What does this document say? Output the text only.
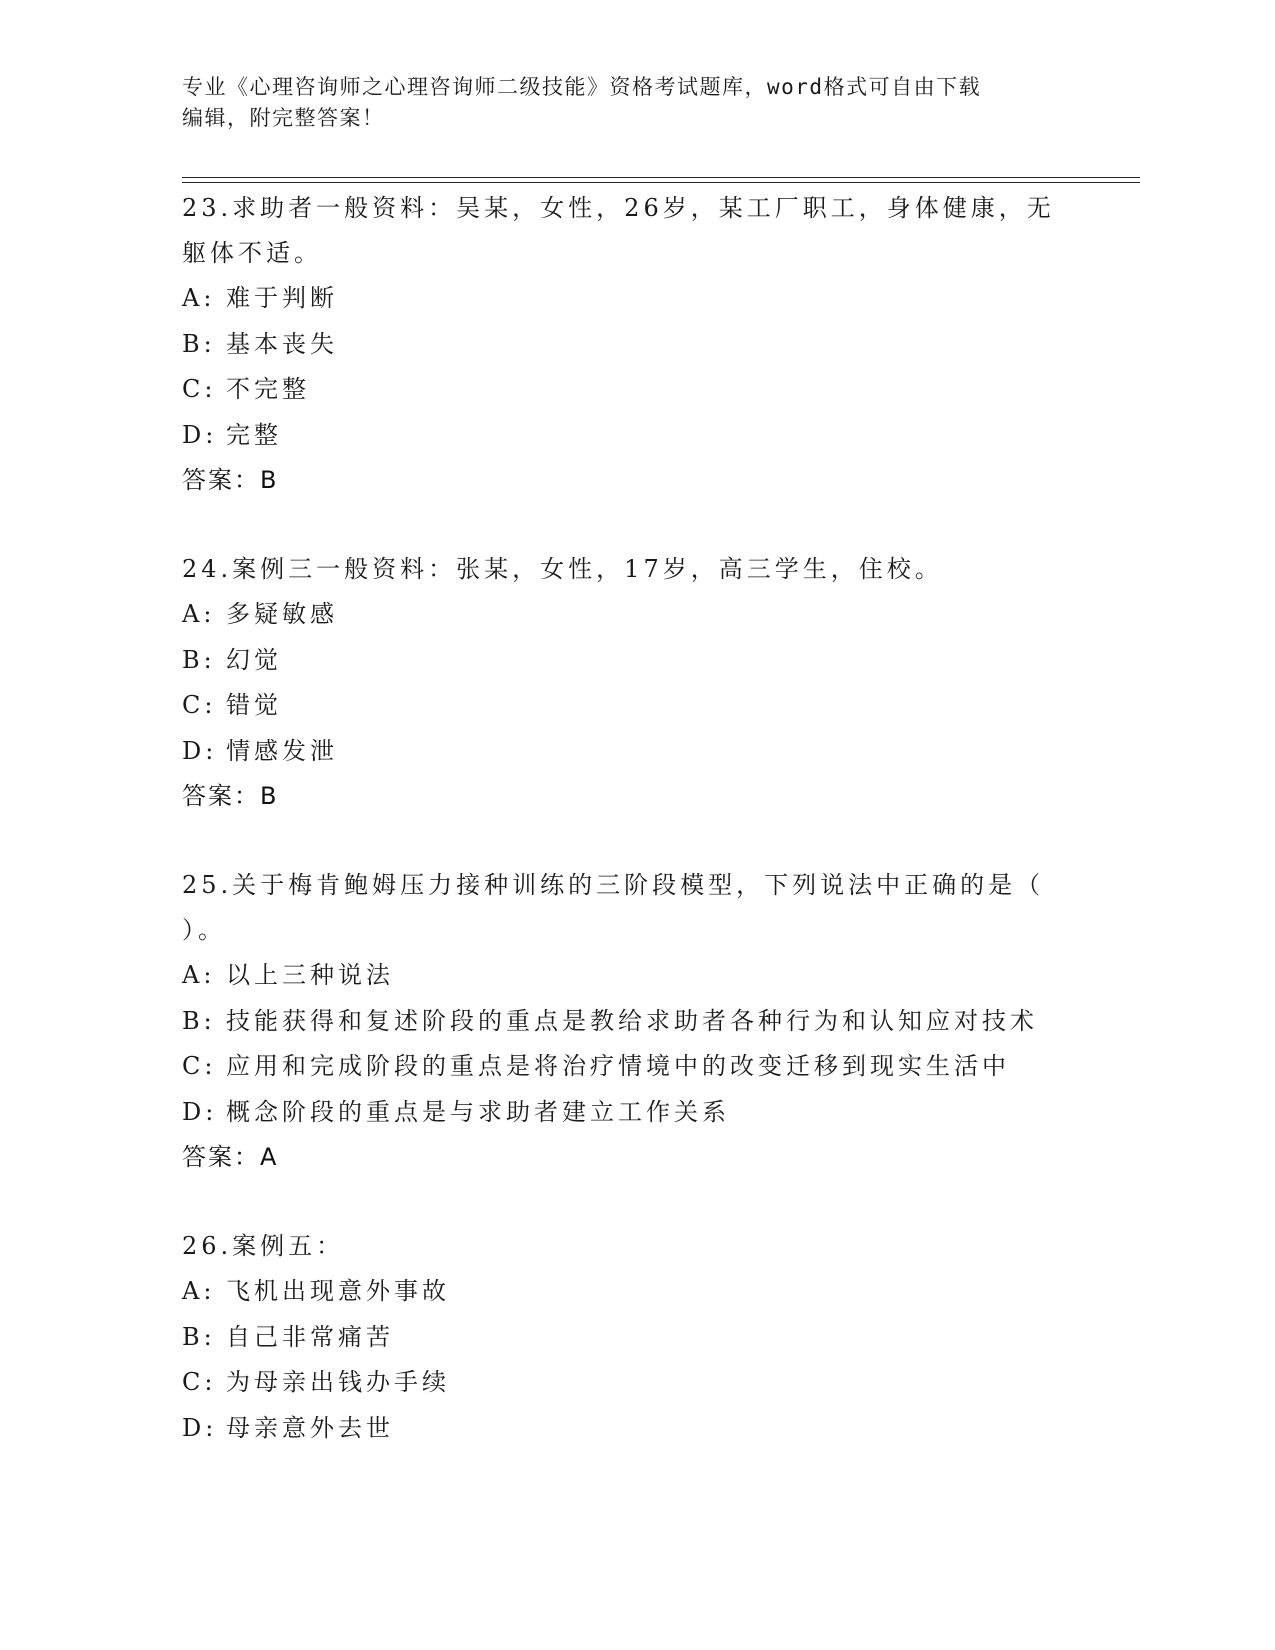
专业《心理咨询师之心理咨询师二级技能》资格考试题库，word格式可自由下载
编辑，附完整答案！
23.求助者一般资料：吴某，女性，26岁，某工厂职工，身体健康，无
躯体不适。
A: 难于判断
B: 基本丧失
C: 不完整
D: 完整
答案：B
24.案例三一般资料：张某，女性，17岁，高三学生，住校。
A: 多疑敏感
B: 幻觉
C: 错觉
D: 情感发泄
答案：B
25.关于梅肯鲍姆压力接种训练的三阶段模型，下列说法中正确的是（
）。
A: 以上三种说法
B: 技能获得和复述阶段的重点是教给求助者各种行为和认知应对技术
C: 应用和完成阶段的重点是将治疗情境中的改变迁移到现实生活中
D: 概念阶段的重点是与求助者建立工作关系
答案：A
26.案例五：
A: 飞机出现意外事故
B: 自己非常痛苦
C: 为母亲出钱办手续
D: 母亲意外去世
